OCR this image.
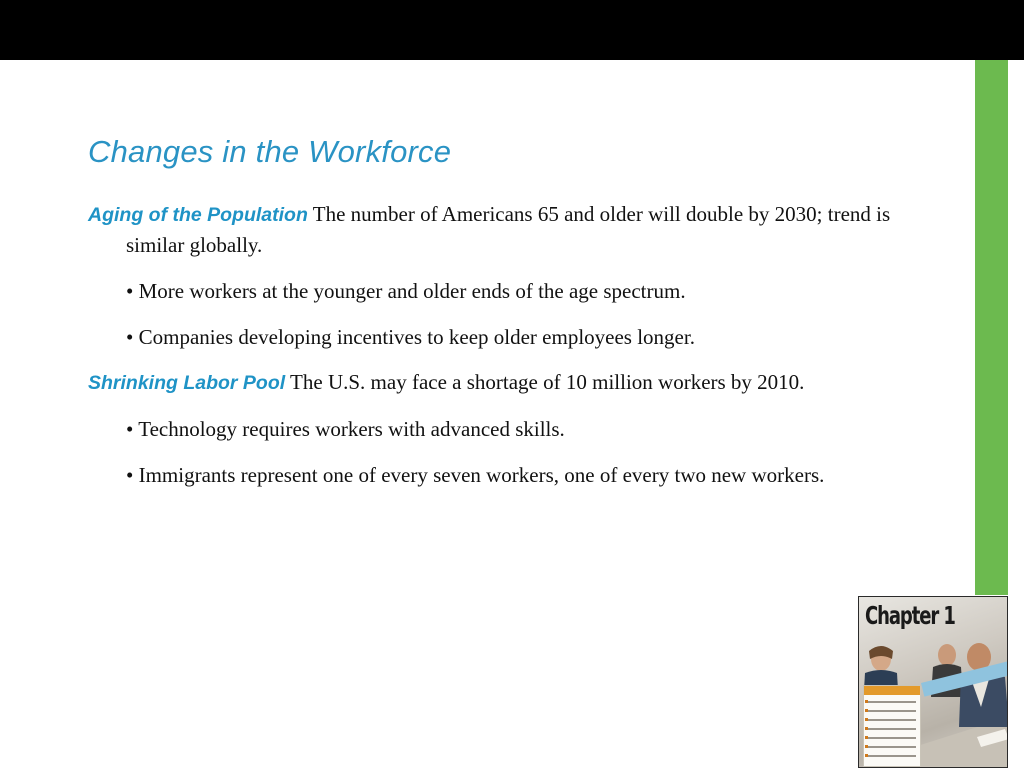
Changes in the Workforce

Aging of the Population The number of Americans 65 and older will double by 2030; trend is similar globally.

• More workers at the younger and older ends of the age spectrum.

• Companies developing incentives to keep older employees longer.

Shrinking Labor Pool The U.S. may face a shortage of 10 million workers by 2010.

• Technology requires workers with advanced skills.

• Immigrants represent one of every seven workers, one of every two new workers.

Chapter 1
